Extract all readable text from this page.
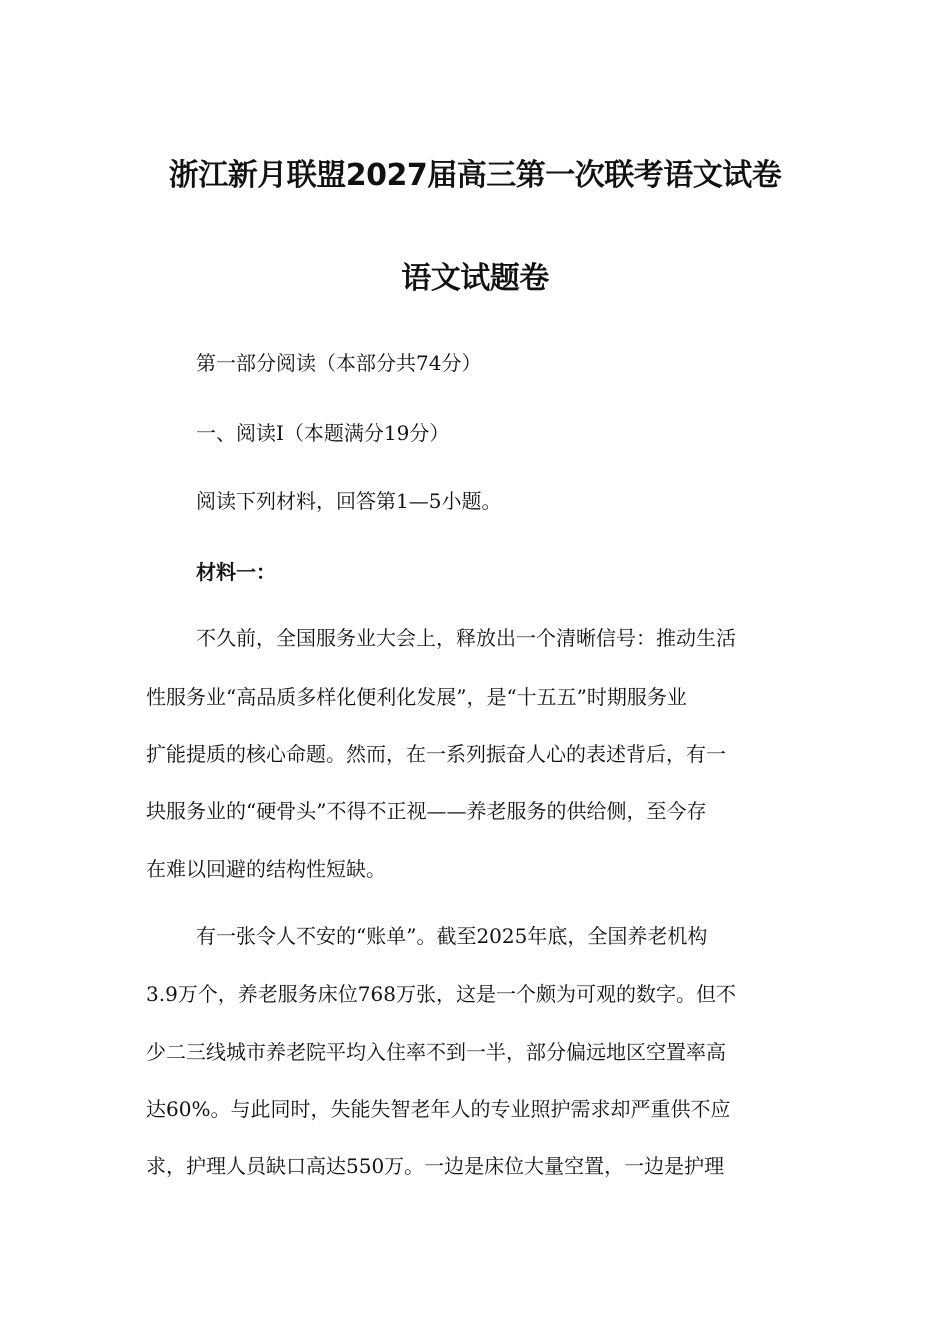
浙江新月联盟2027届高三第一次联考语文试卷
语文试题卷

第一部分阅读（本部分共74分）

一、阅读I（本题满分19分）

阅读下列材料，回答第1—5小题。

材料一：

不久前，全国服务业大会上，释放出一个清晰信号：推动生活

性服务业“高品质多样化便利化发展”，是“十五五”时期服务业

扩能提质的核心命题。然而，在一系列振奋人心的表述背后，有一

块服务业的“硬骨头”不得不正视——养老服务的供给侧，至今存

在难以回避的结构性短缺。

有一张令人不安的“账单”。截至2025年底，全国养老机构

3.9万个，养老服务床位768万张，这是一个颇为可观的数字。但不

少二三线城市养老院平均入住率不到一半，部分偏远地区空置率高

达60%。与此同时，失能失智老年人的专业照护需求却严重供不应

求，护理人员缺口高达550万。一边是床位大量空置，一边是护理
